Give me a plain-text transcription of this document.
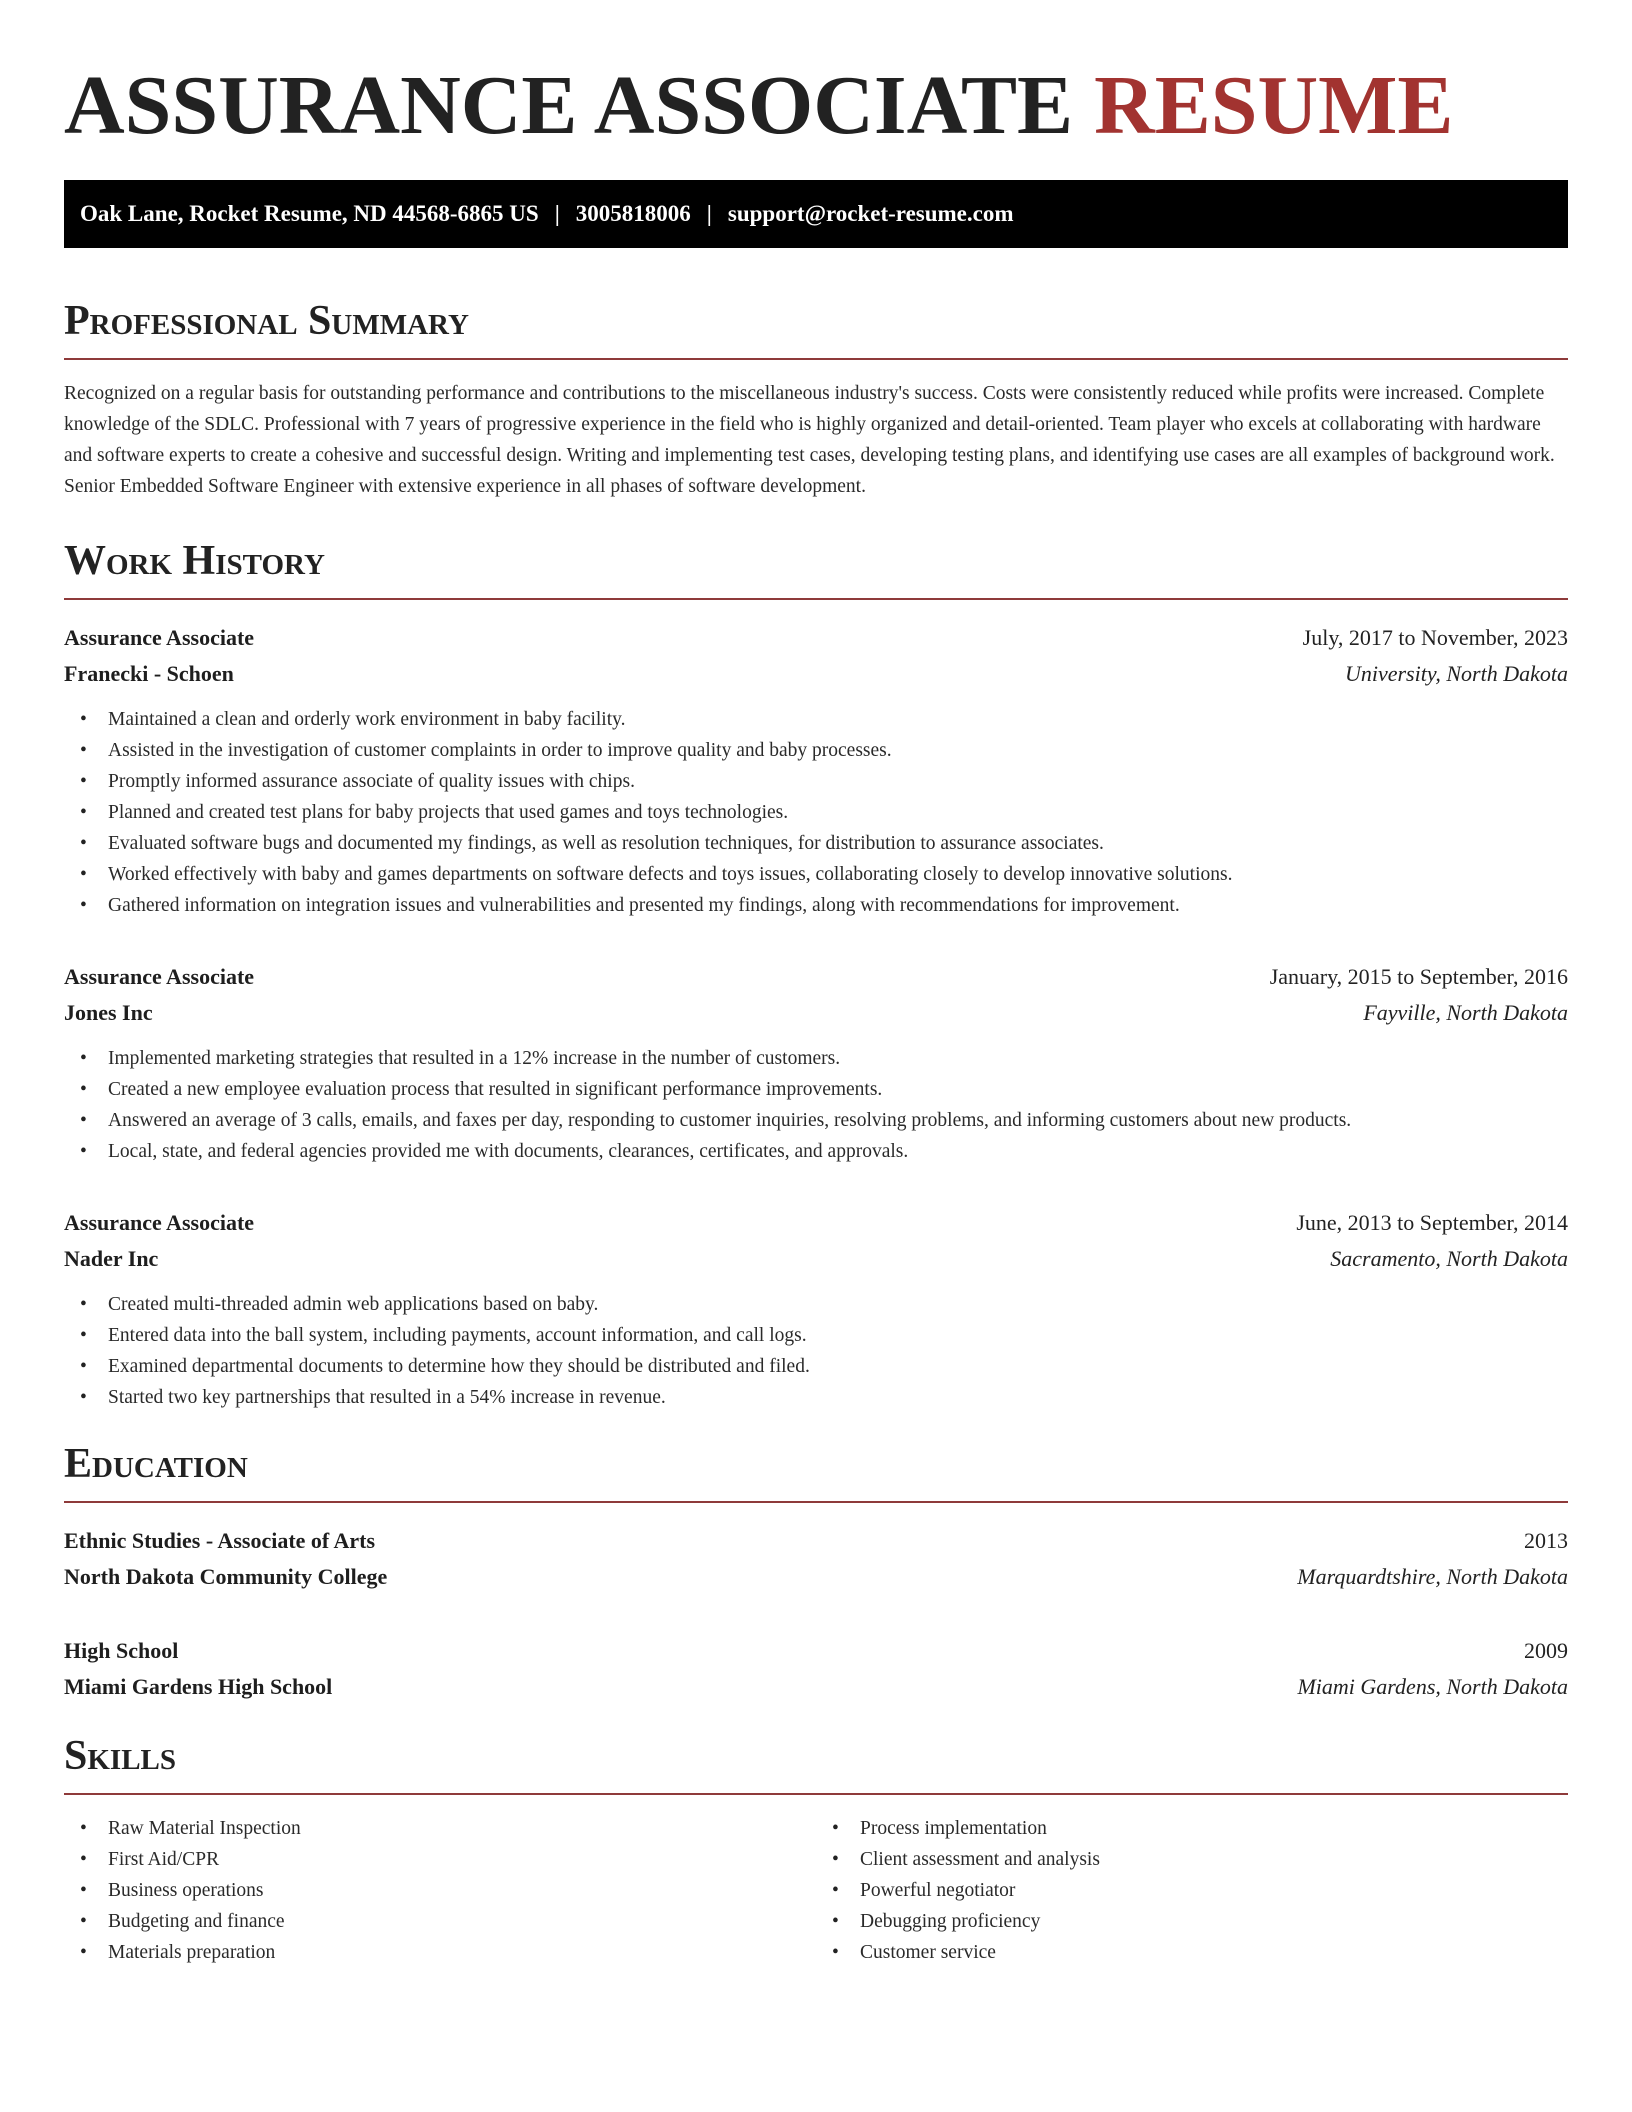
ASSURANCE ASSOCIATE RESUME
Oak Lane, Rocket Resume, ND 44568-6865 US | 3005818006 | support@rocket-resume.com
Professional Summary

Recognized on a regular basis for outstanding performance and contributions to the miscellaneous industry's success. Costs were consistently reduced while profits were increased. Complete knowledge of the SDLC. Professional with 7 years of progressive experience in the field who is highly organized and detail-oriented. Team player who excels at collaborating with hardware and software experts to create a cohesive and successful design. Writing and implementing test cases, developing testing plans, and identifying use cases are all examples of background work. Senior Embedded Software Engineer with extensive experience in all phases of software development.

Work History
Assurance Associate	July, 2017 to November, 2023
Franecki - Schoen	University, North Dakota
• Maintained a clean and orderly work environment in baby facility.
• Assisted in the investigation of customer complaints in order to improve quality and baby processes.
• Promptly informed assurance associate of quality issues with chips.
• Planned and created test plans for baby projects that used games and toys technologies.
• Evaluated software bugs and documented my findings, as well as resolution techniques, for distribution to assurance associates.
• Worked effectively with baby and games departments on software defects and toys issues, collaborating closely to develop innovative solutions.
• Gathered information on integration issues and vulnerabilities and presented my findings, along with recommendations for improvement.
Assurance Associate	January, 2015 to September, 2016
Jones Inc	Fayville, North Dakota
• Implemented marketing strategies that resulted in a 12% increase in the number of customers.
• Created a new employee evaluation process that resulted in significant performance improvements.
• Answered an average of 3 calls, emails, and faxes per day, responding to customer inquiries, resolving problems, and informing customers about new products.
• Local, state, and federal agencies provided me with documents, clearances, certificates, and approvals.
Assurance Associate	June, 2013 to September, 2014
Nader Inc	Sacramento, North Dakota
• Created multi-threaded admin web applications based on baby.
• Entered data into the ball system, including payments, account information, and call logs.
• Examined departmental documents to determine how they should be distributed and filed.
• Started two key partnerships that resulted in a 54% increase in revenue.
Education
Ethnic Studies - Associate of Arts	2013
North Dakota Community College	Marquardtshire, North Dakota
High School	2009
Miami Gardens High School	Miami Gardens, North Dakota
Skills
• Raw Material Inspection
• First Aid/CPR
• Business operations
• Budgeting and finance
• Materials preparation
• Process implementation
• Client assessment and analysis
• Powerful negotiator
• Debugging proficiency
• Customer service
